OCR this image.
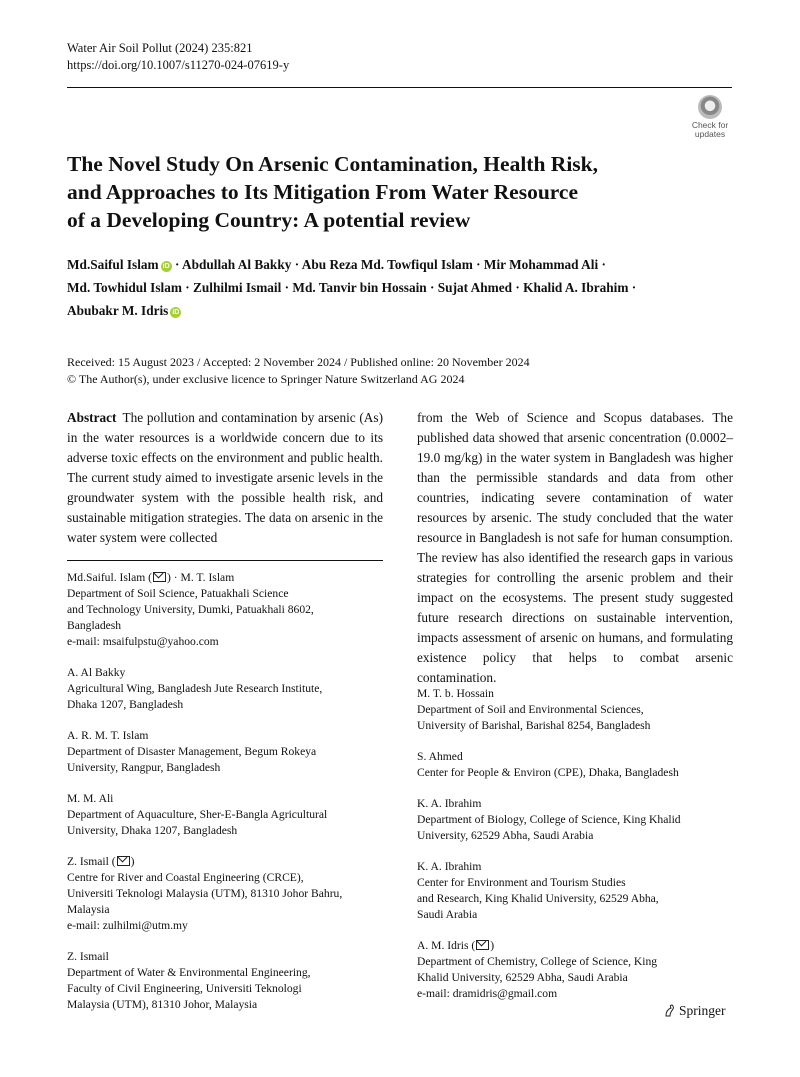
Water Air Soil Pollut (2024) 235:821
https://doi.org/10.1007/s11270-024-07619-y
Check for
updates
The Novel Study On Arsenic Contamination, Health Risk,
and Approaches to Its Mitigation From Water Resource
of a Developing Country: A potential review
Md.Saiful Islam iD · Abdullah Al Bakky · Abu Reza Md. Towfiqul Islam · Mir Mohammad Ali ·
Md. Towhidul Islam · Zulhilmi Ismail · Md. Tanvir bin Hossain · Sujat Ahmed · Khalid A. Ibrahim ·
Abubakr M. Idris iD
Received: 15 August 2023 / Accepted: 2 November 2024 / Published online: 20 November 2024
© The Author(s), under exclusive licence to Springer Nature Switzerland AG 2024
Abstract The pollution and contamination by arsenic (As) in the water resources is a worldwide concern due to its adverse toxic effects on the environment and public health. The current study aimed to investigate arsenic levels in the groundwater system with the possible health risk, and sustainable mitigation strategies. The data on arsenic in the water system were collected
from the Web of Science and Scopus databases. The published data showed that arsenic concentration (0.0002–19.0 mg/kg) in the water system in Bangladesh was higher than the permissible standards and data from other countries, indicating severe contamination of water resources by arsenic. The study concluded that the water resource in Bangladesh is not safe for human consumption. The review has also identified the research gaps in various strategies for controlling the arsenic problem and their impact on the ecosystems. The present study suggested future research directions on sustainable intervention, impacts assessment of arsenic on humans, and formulating existence policy that helps to combat arsenic contamination.
Md.Saiful. Islam ( ) · M. T. Islam
Department of Soil Science, Patuakhali Science
and Technology University, Dumki, Patuakhali 8602,
Bangladesh
e-mail: msaifulpstu@yahoo.com
A. Al Bakky
Agricultural Wing, Bangladesh Jute Research Institute,
Dhaka 1207, Bangladesh
A. R. M. T. Islam
Department of Disaster Management, Begum Rokeya
University, Rangpur, Bangladesh
M. M. Ali
Department of Aquaculture, Sher-E-Bangla Agricultural
University, Dhaka 1207, Bangladesh
Z. Ismail ( )
Centre for River and Coastal Engineering (CRCE),
Universiti Teknologi Malaysia (UTM), 81310 Johor Bahru,
Malaysia
e-mail: zulhilmi@utm.my
Z. Ismail
Department of Water & Environmental Engineering,
Faculty of Civil Engineering, Universiti Teknologi
Malaysia (UTM), 81310 Johor, Malaysia
M. T. b. Hossain
Department of Soil and Environmental Sciences,
University of Barishal, Barishal 8254, Bangladesh
S. Ahmed
Center for People & Environ (CPE), Dhaka, Bangladesh
K. A. Ibrahim
Department of Biology, College of Science, King Khalid
University, 62529 Abha, Saudi Arabia
K. A. Ibrahim
Center for Environment and Tourism Studies
and Research, King Khalid University, 62529 Abha,
Saudi Arabia
A. M. Idris ( )
Department of Chemistry, College of Science, King
Khalid University, 62529 Abha, Saudi Arabia
e-mail: dramidris@gmail.com
Springer
